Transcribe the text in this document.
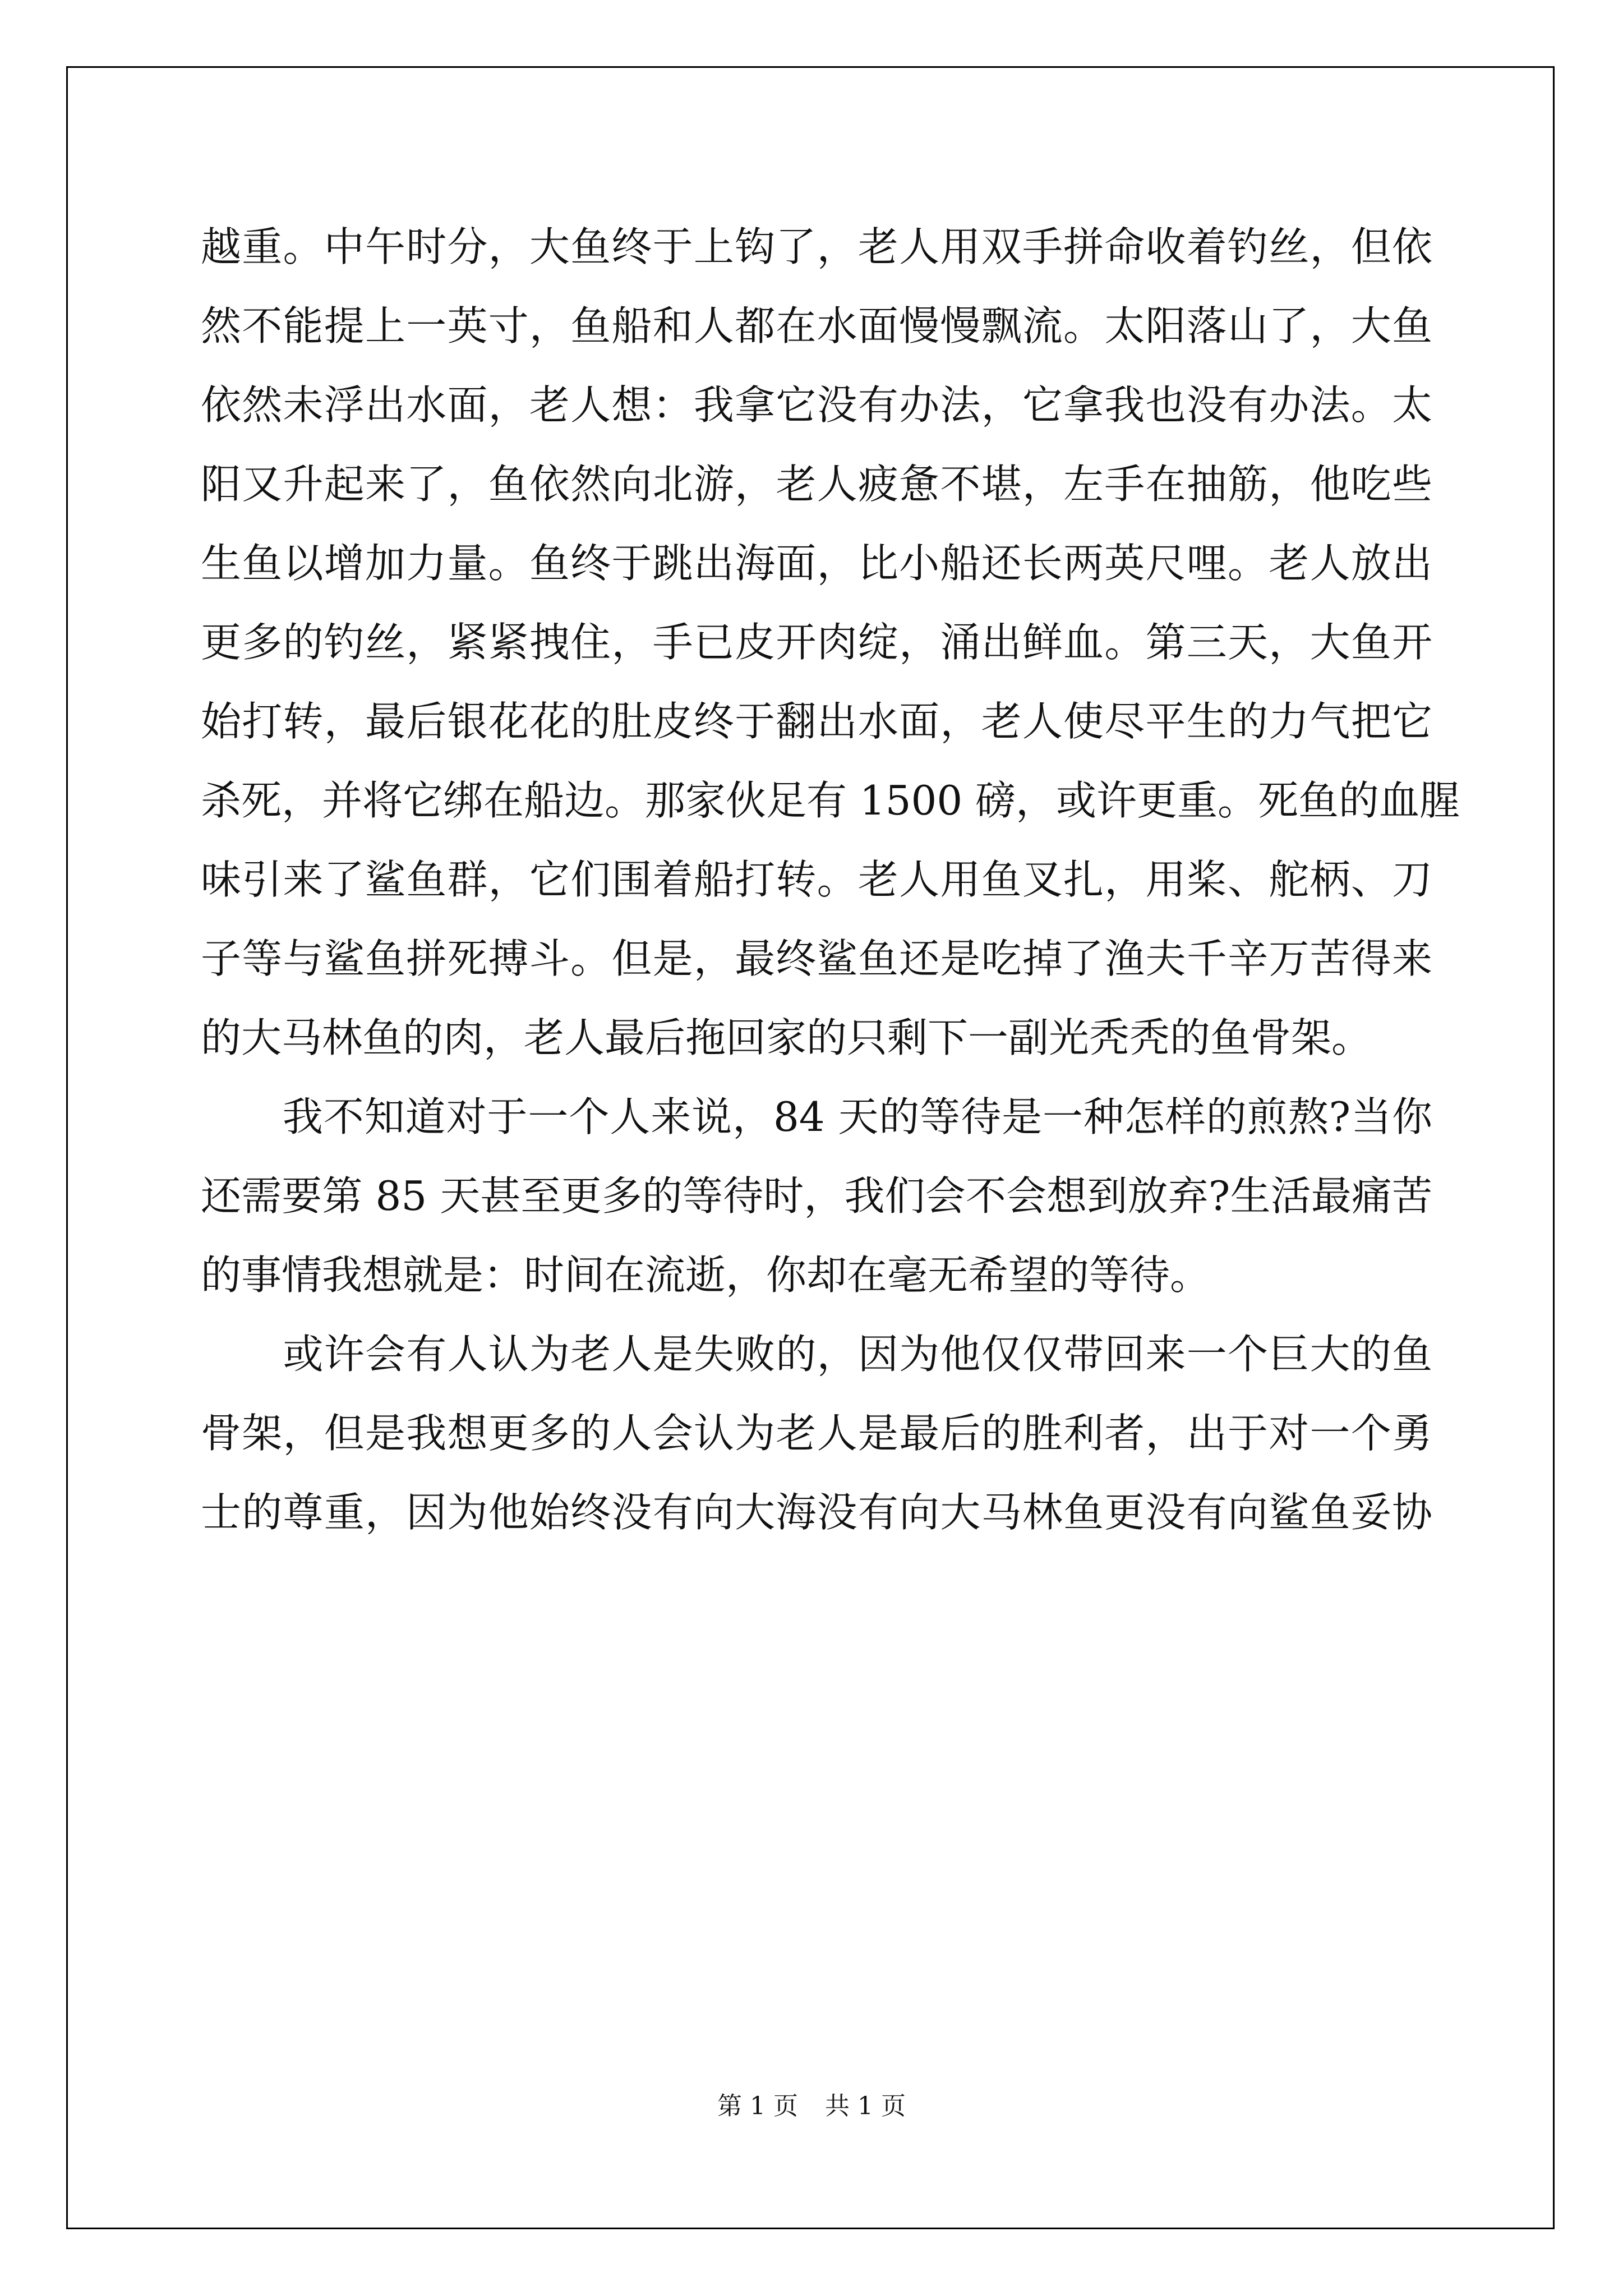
越重。中午时分，大鱼终于上钩了，老人用双手拼命收着钓丝，但依
然不能提上一英寸，鱼船和人都在水面慢慢飘流。太阳落山了，大鱼
依然未浮出水面，老人想：我拿它没有办法，它拿我也没有办法。太
阳又升起来了，鱼依然向北游，老人疲惫不堪，左手在抽筋，他吃些
生鱼以增加力量。鱼终于跳出海面，比小船还长两英尺哩。老人放出
更多的钓丝，紧紧拽住，手已皮开肉绽，涌出鲜血。第三天，大鱼开
始打转，最后银花花的肚皮终于翻出水面，老人使尽平生的力气把它
杀死，并将它绑在船边。那家伙足有 1500 磅，或许更重。死鱼的血腥
味引来了鲨鱼群，它们围着船打转。老人用鱼叉扎，用桨、舵柄、刀
子等与鲨鱼拼死搏斗。但是，最终鲨鱼还是吃掉了渔夫千辛万苦得来
的大马林鱼的肉，老人最后拖回家的只剩下一副光秃秃的鱼骨架。
　　我不知道对于一个人来说，84 天的等待是一种怎样的煎熬?当你
还需要第 85 天甚至更多的等待时，我们会不会想到放弃?生活最痛苦
的事情我想就是：时间在流逝，你却在毫无希望的等待。
　　或许会有人认为老人是失败的，因为他仅仅带回来一个巨大的鱼
骨架，但是我想更多的人会认为老人是最后的胜利者，出于对一个勇
士的尊重，因为他始终没有向大海没有向大马林鱼更没有向鲨鱼妥协
第 1 页 共 1 页
